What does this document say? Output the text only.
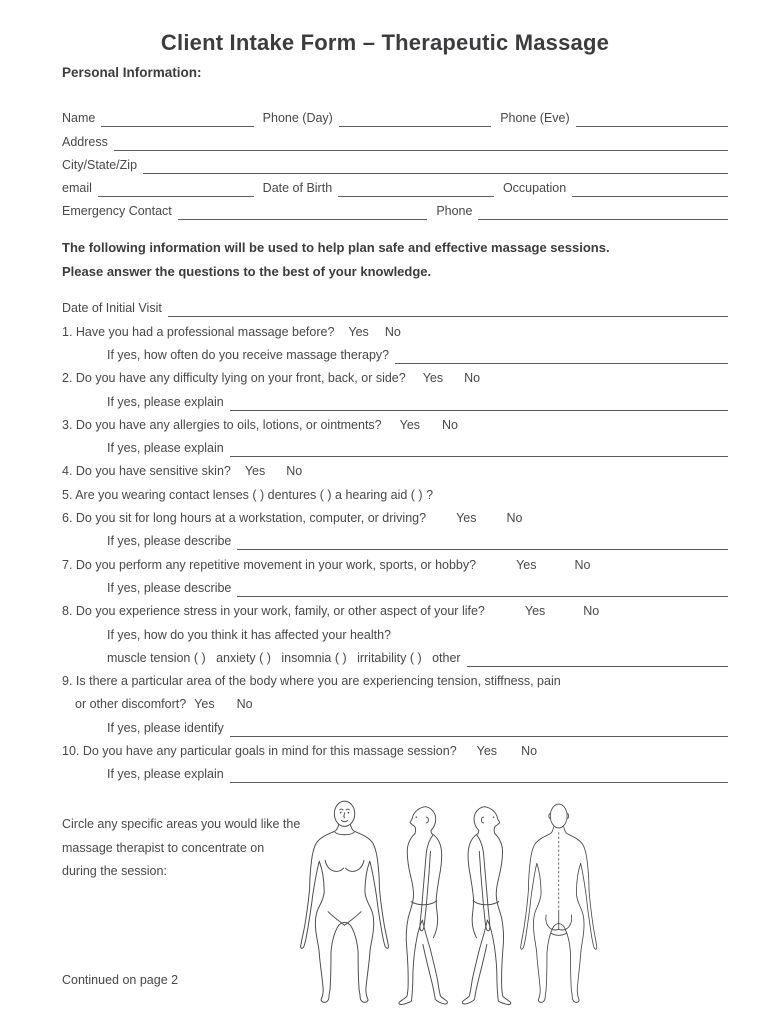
Client Intake Form – Therapeutic Massage
Personal Information:
Name	Phone (Day)	Phone (Eve)
Address
City/State/Zip
email	Date of Birth	Occupation
Emergency Contact	Phone
The following information will be used to help plan safe and effective massage sessions.
Please answer the questions to the best of your knowledge.
Date of Initial Visit
1. Have you had a professional massage before? Yes No
If yes, how often do you receive massage therapy?
2. Do you have any difficulty lying on your front, back, or side? Yes No
If yes, please explain
3. Do you have any allergies to oils, lotions, or ointments? Yes No
If yes, please explain
4. Do you have sensitive skin? Yes No
5. Are you wearing contact lenses ( ) dentures ( ) a hearing aid ( ) ?
6. Do you sit for long hours at a workstation, computer, or driving? Yes No
If yes, please describe
7. Do you perform any repetitive movement in your work, sports, or hobby?	Yes	No
If yes, please describe
8. Do you experience stress in your work, family, or other aspect of your life?	Yes	No
If yes, how do you think it has affected your health?
muscle tension ( )   anxiety ( )   insomnia ( )   irritability ( )   other
9. Is there a particular area of the body where you are experiencing tension, stiffness, pain
or other discomfort? Yes No
If yes, please identify
10. Do you have any particular goals in mind for this massage session? Yes No
If yes, please explain
Circle any specific areas you would like the
massage therapist to concentrate on
during the session:
Continued on page 2
